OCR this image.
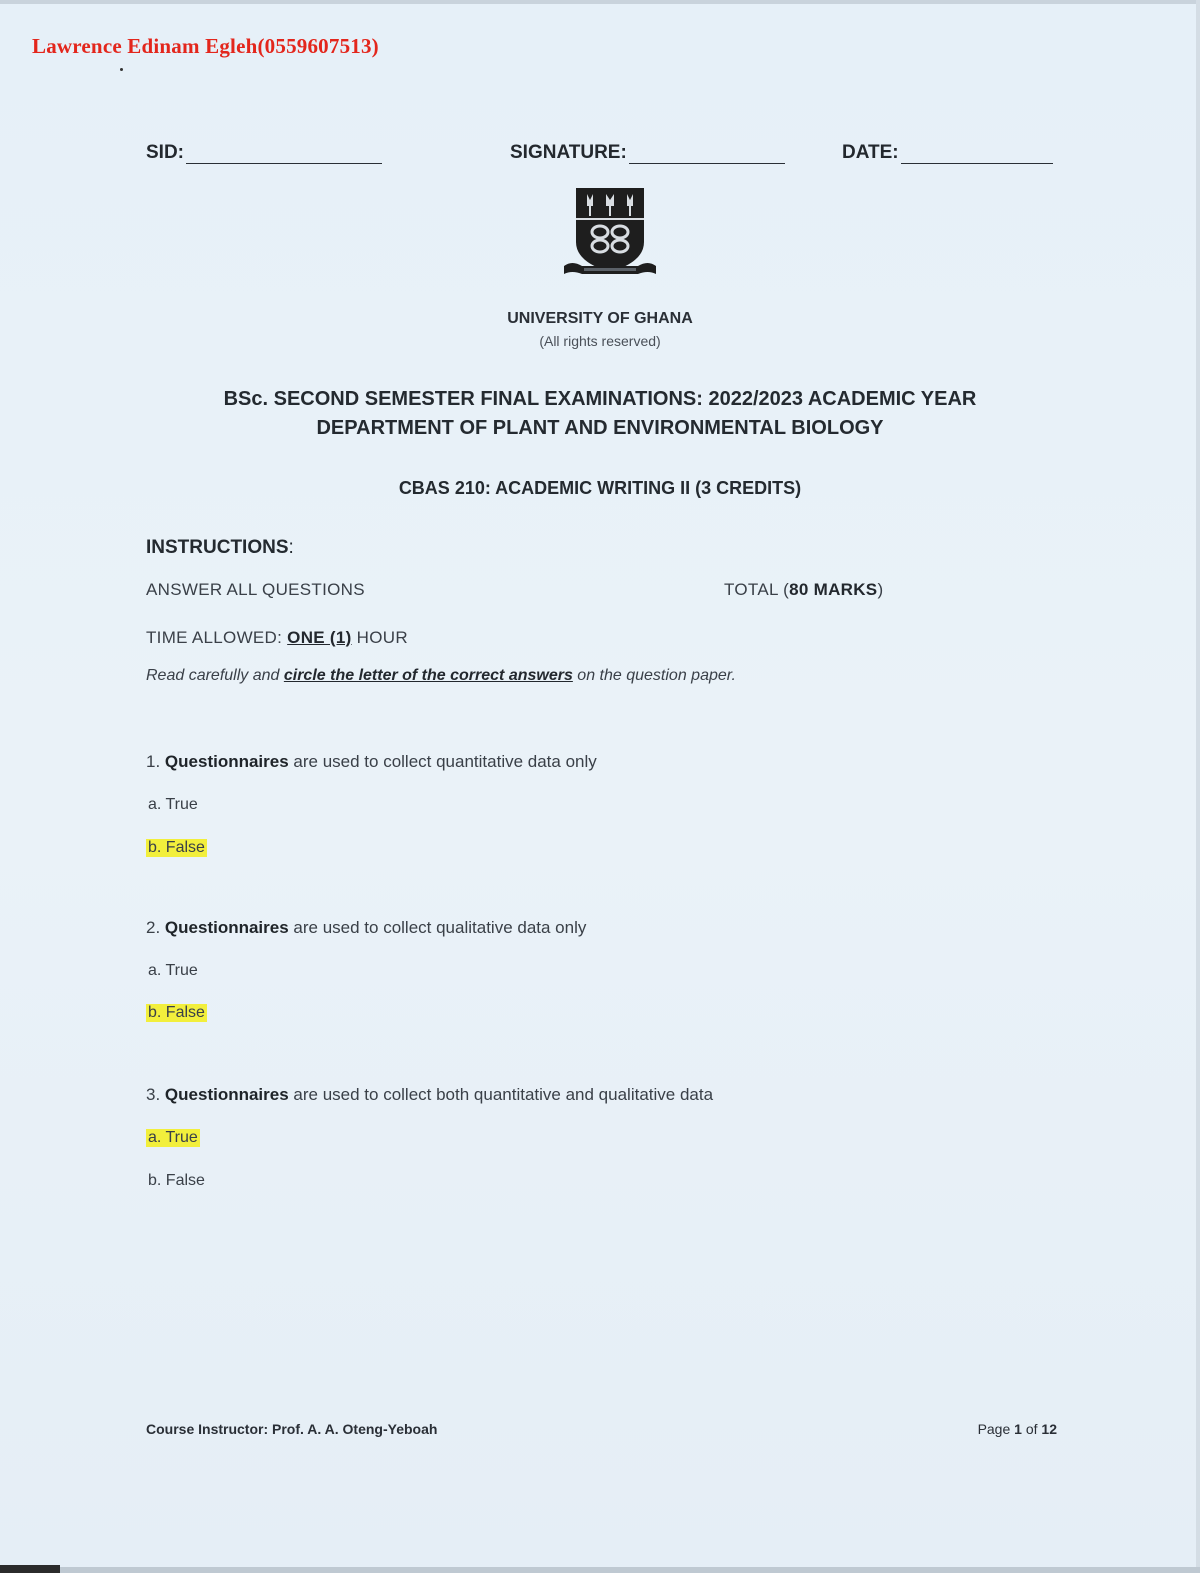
Lawrence Edinam Egleh(0559607513)
SID:	SIGNATURE:	DATE:
UNIVERSITY OF GHANA
(All rights reserved)
BSc. SECOND SEMESTER FINAL EXAMINATIONS: 2022/2023 ACADEMIC YEAR
DEPARTMENT OF PLANT AND ENVIRONMENTAL BIOLOGY
CBAS 210: ACADEMIC WRITING II (3 CREDITS)
INSTRUCTIONS:
ANSWER ALL QUESTIONS	TOTAL (80 MARKS)
TIME ALLOWED: ONE (1) HOUR
Read carefully and circle the letter of the correct answers on the question paper.
1. Questionnaires are used to collect quantitative data only
a. True
b. False
2. Questionnaires are used to collect qualitative data only
a. True
b. False
3. Questionnaires are used to collect both quantitative and qualitative data
a. True
b. False
Course Instructor: Prof. A. A. Oteng-Yeboah	Page 1 of 12
